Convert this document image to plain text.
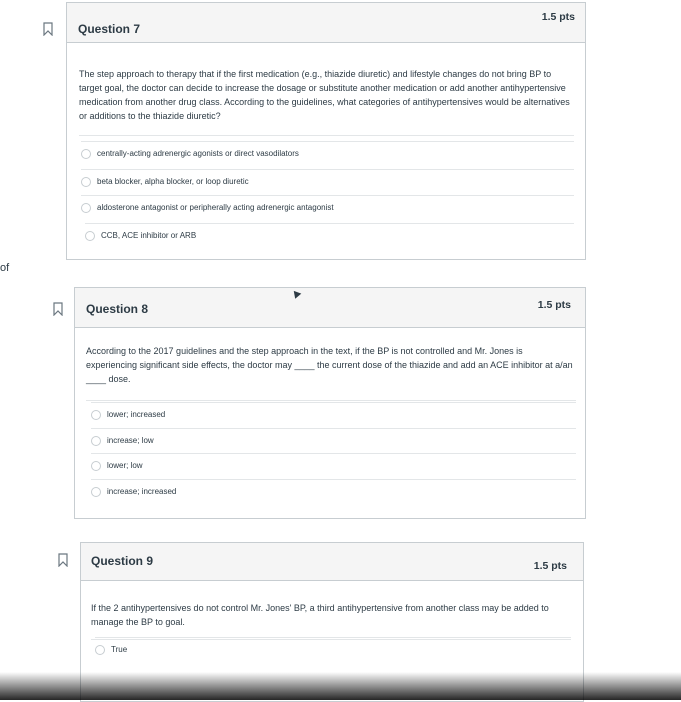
of
Question 7
1.5 pts
The step approach to therapy that if the first medication (e.g., thiazide diuretic) and lifestyle changes do not bring BP to target goal, the doctor can decide to increase the dosage or substitute another medication or add another antihypertensive medication from another drug class. According to the guidelines, what categories of antihypertensives would be alternatives or additions to the thiazide diuretic?
centrally-acting adrenergic agonists or direct vasodilators
beta blocker, alpha blocker, or loop diuretic
aldosterone antagonist or peripherally acting adrenergic antagonist
CCB, ACE inhibitor or ARB
Question 8	1.5 pts
According to the 2017 guidelines and the step approach in the text, if the BP is not controlled and Mr. Jones is experiencing significant side effects, the doctor may ____ the current dose of the thiazide and add an ACE inhibitor at a/an ____ dose.
lower; increased
increase; low
lower; low
increase; increased
Question 9	1.5 pts
If the 2 antihypertensives do not control Mr. Jones' BP, a third antihypertensive from another class may be added to manage the BP to goal.
True
